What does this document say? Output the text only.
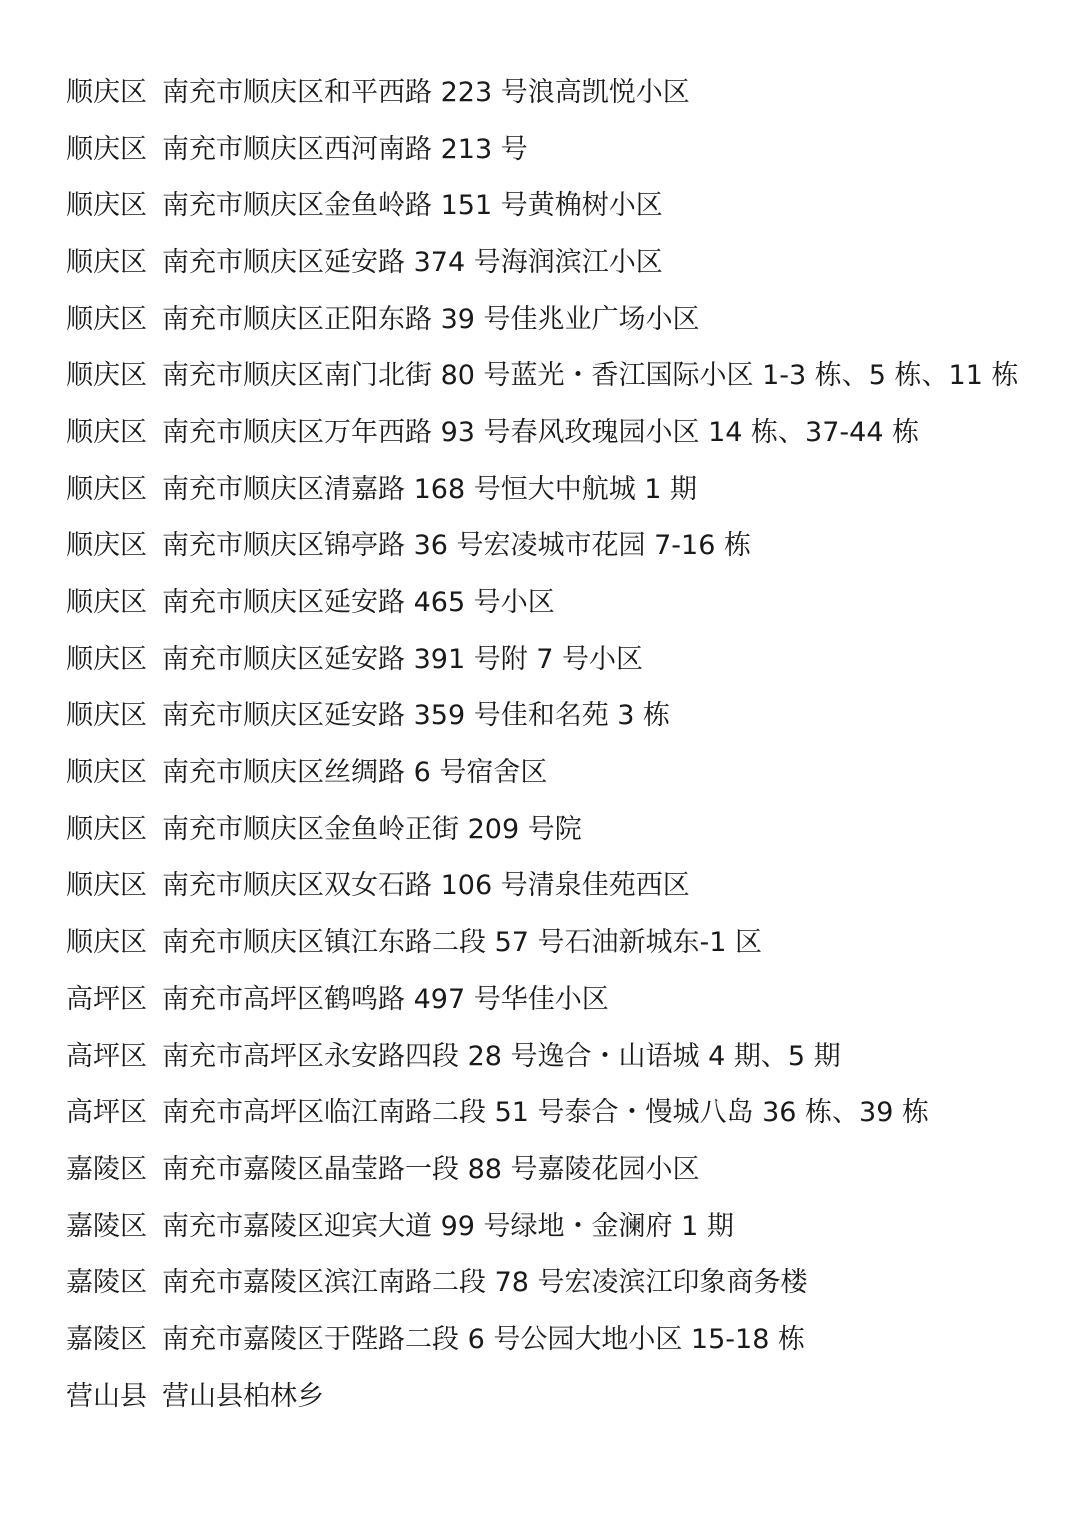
顺庆区 南充市顺庆区和平西路 223 号浪高凯悦小区
顺庆区 南充市顺庆区西河南路 213 号
顺庆区 南充市顺庆区金鱼岭路 151 号黄桷树小区
顺庆区 南充市顺庆区延安路 374 号海润滨江小区
顺庆区 南充市顺庆区正阳东路 39 号佳兆业广场小区
顺庆区 南充市顺庆区南门北街 80 号蓝光・香江国际小区 1-3 栋、5 栋、11 栋
顺庆区 南充市顺庆区万年西路 93 号春风玫瑰园小区 14 栋、37-44 栋
顺庆区 南充市顺庆区清嘉路 168 号恒大中航城 1 期
顺庆区 南充市顺庆区锦亭路 36 号宏凌城市花园 7-16 栋
顺庆区 南充市顺庆区延安路 465 号小区
顺庆区 南充市顺庆区延安路 391 号附 7 号小区
顺庆区 南充市顺庆区延安路 359 号佳和名苑 3 栋
顺庆区 南充市顺庆区丝绸路 6 号宿舍区
顺庆区 南充市顺庆区金鱼岭正街 209 号院
顺庆区 南充市顺庆区双女石路 106 号清泉佳苑西区
顺庆区 南充市顺庆区镇江东路二段 57 号石油新城东-1 区
高坪区 南充市高坪区鹤鸣路 497 号华佳小区
高坪区 南充市高坪区永安路四段 28 号逸合・山语城 4 期、5 期
高坪区 南充市高坪区临江南路二段 51 号泰合・慢城八岛 36 栋、39 栋
嘉陵区 南充市嘉陵区晶莹路一段 88 号嘉陵花园小区
嘉陵区 南充市嘉陵区迎宾大道 99 号绿地・金澜府 1 期
嘉陵区 南充市嘉陵区滨江南路二段 78 号宏凌滨江印象商务楼
嘉陵区 南充市嘉陵区于陛路二段 6 号公园大地小区 15-18 栋
营山县 营山县柏林乡
